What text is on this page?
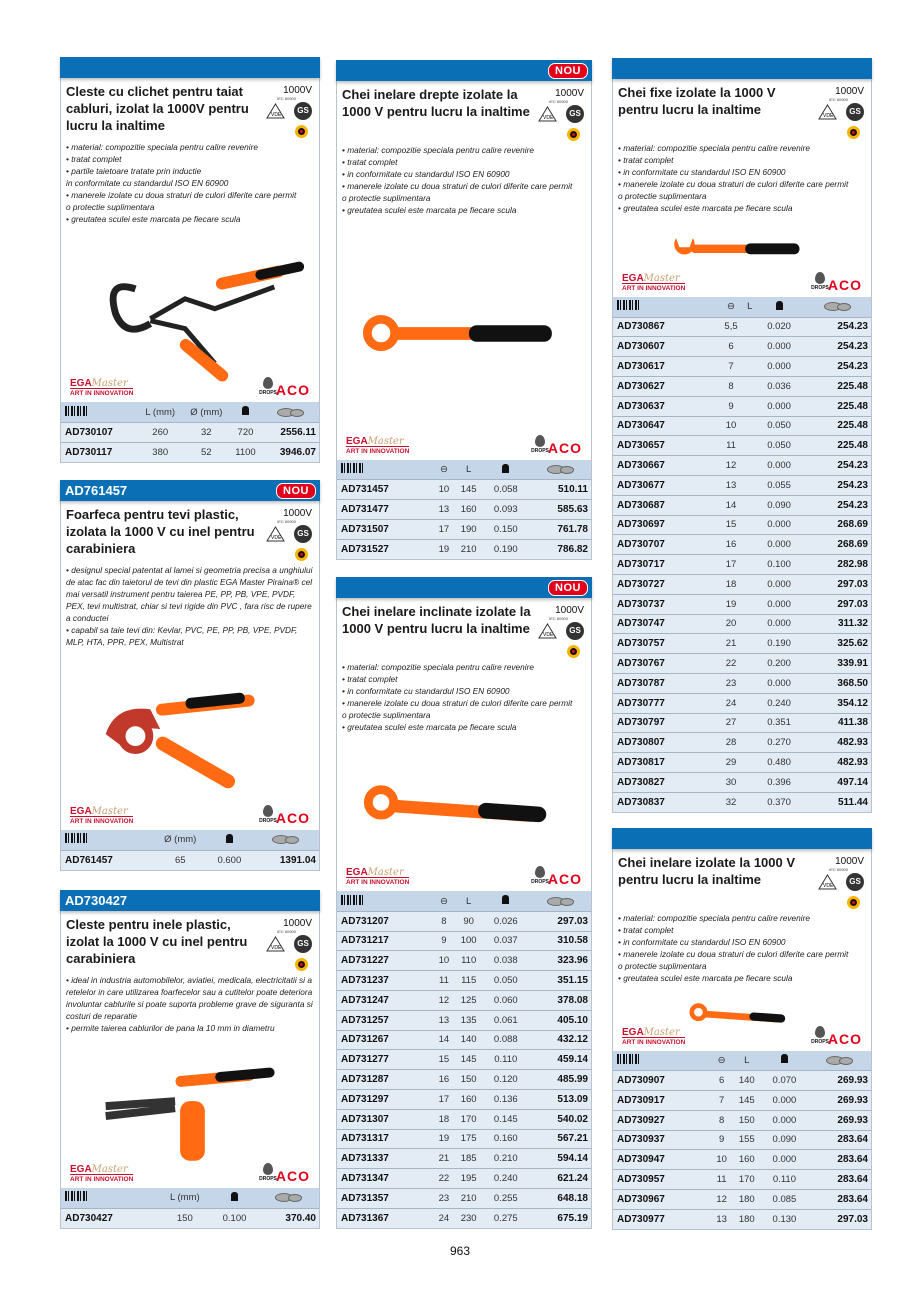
963
Cleste cu clichet pentru taiat cabluri, izolat la 1000V pentru lucru la inaltime
1000V
IEC 60900
VDE	GS
• material: compozitie speciala pentru calire revenire
• tratat complet
• partile taietoare tratate prin inductie
in conformitate cu standardul ISO EN 60900
• manerele izolate cu doua straturi de culori diferite care permit
o protectie suplimentara
• greutatea sculei este marcata pe fiecare scula
EGAMaster
ART IN INNOVATION	DROPS
ACO
	L (mm)	Ø (mm)		
AD730107	260	32	720	2556.11
AD730117	380	52	1100	3946.07
AD761457	NOU
Foarfeca pentru tevi plastic, izolata la 1000 V cu inel pentru carabiniera
1000V
IEC 60900
VDE	GS
• designul special patentat al lamei si geometria precisa a unghiului de atac fac din taietorul de tevi din plastic EGA Master Piraina® cel mai versatil instrument pentru taierea PE, PP, PB, VPE, PVDF, PEX, tevi multistrat, chiar si tevi rigide din PVC , fara risc de rupere a conductei
• capabil sa taie tevi din: Kevlar, PVC, PE, PP, PB, VPE, PVDF, MLP, HTA, PPR, PEX, Multistrat
EGAMaster
ART IN INNOVATION	DROPS
ACO
	Ø (mm)		
AD761457	65	0.600	1391.04
AD730427
Cleste pentru inele plastic, izolat la 1000 V cu inel pentru carabiniera
1000V
IEC 60900
VDE	GS
• ideal in industria automobilelor, aviatiei, medicala, electricitatii si a retelelor in care utilizarea foarfecelor sau a cutitelor poate deteriora involuntar cablurile si poate suporta probleme grave de siguranta si costuri de reparatie
• permite taierea cablurilor de pana la 10 mm in diametru
EGAMaster
ART IN INNOVATION	DROPS
ACO
	L (mm)		
AD730427	150	0.100	370.40
NOU
Chei inelare drepte izolate la 1000 V pentru lucru la inaltime
1000V
IEC 60900
VDE	GS
• material: compozitie speciala pentru calire revenire
• tratat complet
• in conformitate cu standardul ISO EN 60900
• manerele izolate cu doua straturi de culori diferite care permit
o protectie suplimentara
• greutatea sculei este marcata pe fiecare scula
EGAMaster
ART IN INNOVATION	DROPS
ACO
	⊖	L		
AD731457	10	145	0.058	510.11
AD731477	13	160	0.093	585.63
AD731507	17	190	0.150	761.78
AD731527	19	210	0.190	786.82
NOU
Chei inelare inclinate izolate la 1000 V pentru lucru la inaltime
1000V
IEC 60900
VDE	GS
• material: compozitie speciala pentru calire revenire
• tratat complet
• in conformitate cu standardul ISO EN 60900
• manerele izolate cu doua straturi de culori diferite care permit
o protectie suplimentara
• greutatea sculei este marcata pe fiecare scula
EGAMaster
ART IN INNOVATION	DROPS
ACO
	⊖	L		
AD731207	8	90	0.026	297.03
AD731217	9	100	0.037	310.58
AD731227	10	110	0.038	323.96
AD731237	11	115	0.050	351.15
AD731247	12	125	0.060	378.08
AD731257	13	135	0.061	405.10
AD731267	14	140	0.088	432.12
AD731277	15	145	0.110	459.14
AD731287	16	150	0.120	485.99
AD731297	17	160	0.136	513.09
AD731307	18	170	0.145	540.02
AD731317	19	175	0.160	567.21
AD731337	21	185	0.210	594.14
AD731347	22	195	0.240	621.24
AD731357	23	210	0.255	648.18
AD731367	24	230	0.275	675.19
Chei fixe izolate la 1000 V pentru lucru la inaltime
1000V
IEC 60900
VDE	GS
• material: compozitie speciala pentru calire revenire
• tratat complet
• in conformitate cu standardul ISO EN 60900
• manerele izolate cu doua straturi de culori diferite care permit
o protectie suplimentara
• greutatea sculei este marcata pe fiecare scula
EGAMaster
ART IN INNOVATION	DROPS
ACO
	⊖	L		
AD730867	5,5		0.020	254.23
AD730607	6		0.000	254.23
AD730617	7		0.000	254.23
AD730627	8		0.036	225.48
AD730637	9		0.000	225.48
AD730647	10		0.050	225.48
AD730657	11		0.050	225.48
AD730667	12		0.000	254.23
AD730677	13		0.055	254.23
AD730687	14		0.090	254.23
AD730697	15		0.000	268.69
AD730707	16		0.000	268.69
AD730717	17		0.100	282.98
AD730727	18		0.000	297.03
AD730737	19		0.000	297.03
AD730747	20		0.000	311.32
AD730757	21		0.190	325.62
AD730767	22		0.200	339.91
AD730787	23		0.000	368.50
AD730777	24		0.240	354.12
AD730797	27		0.351	411.38
AD730807	28		0.270	482.93
AD730817	29		0.480	482.93
AD730827	30		0.396	497.14
AD730837	32		0.370	511.44
Chei inelare izolate la 1000 V pentru lucru la inaltime
1000V
IEC 60900
VDE	GS
• material: compozitie speciala pentru calire revenire
• tratat complet
• in conformitate cu standardul ISO EN 60900
• manerele izolate cu doua straturi de culori diferite care permit
o protectie suplimentara
• greutatea sculei este marcata pe fiecare scula
EGAMaster
ART IN INNOVATION	DROPS
ACO
	⊖	L		
AD730907	6	140	0.070	269.93
AD730917	7	145	0.000	269.93
AD730927	8	150	0.000	269.93
AD730937	9	155	0.090	283.64
AD730947	10	160	0.000	283.64
AD730957	11	170	0.110	283.64
AD730967	12	180	0.085	283.64
AD730977	13	180	0.130	297.03
